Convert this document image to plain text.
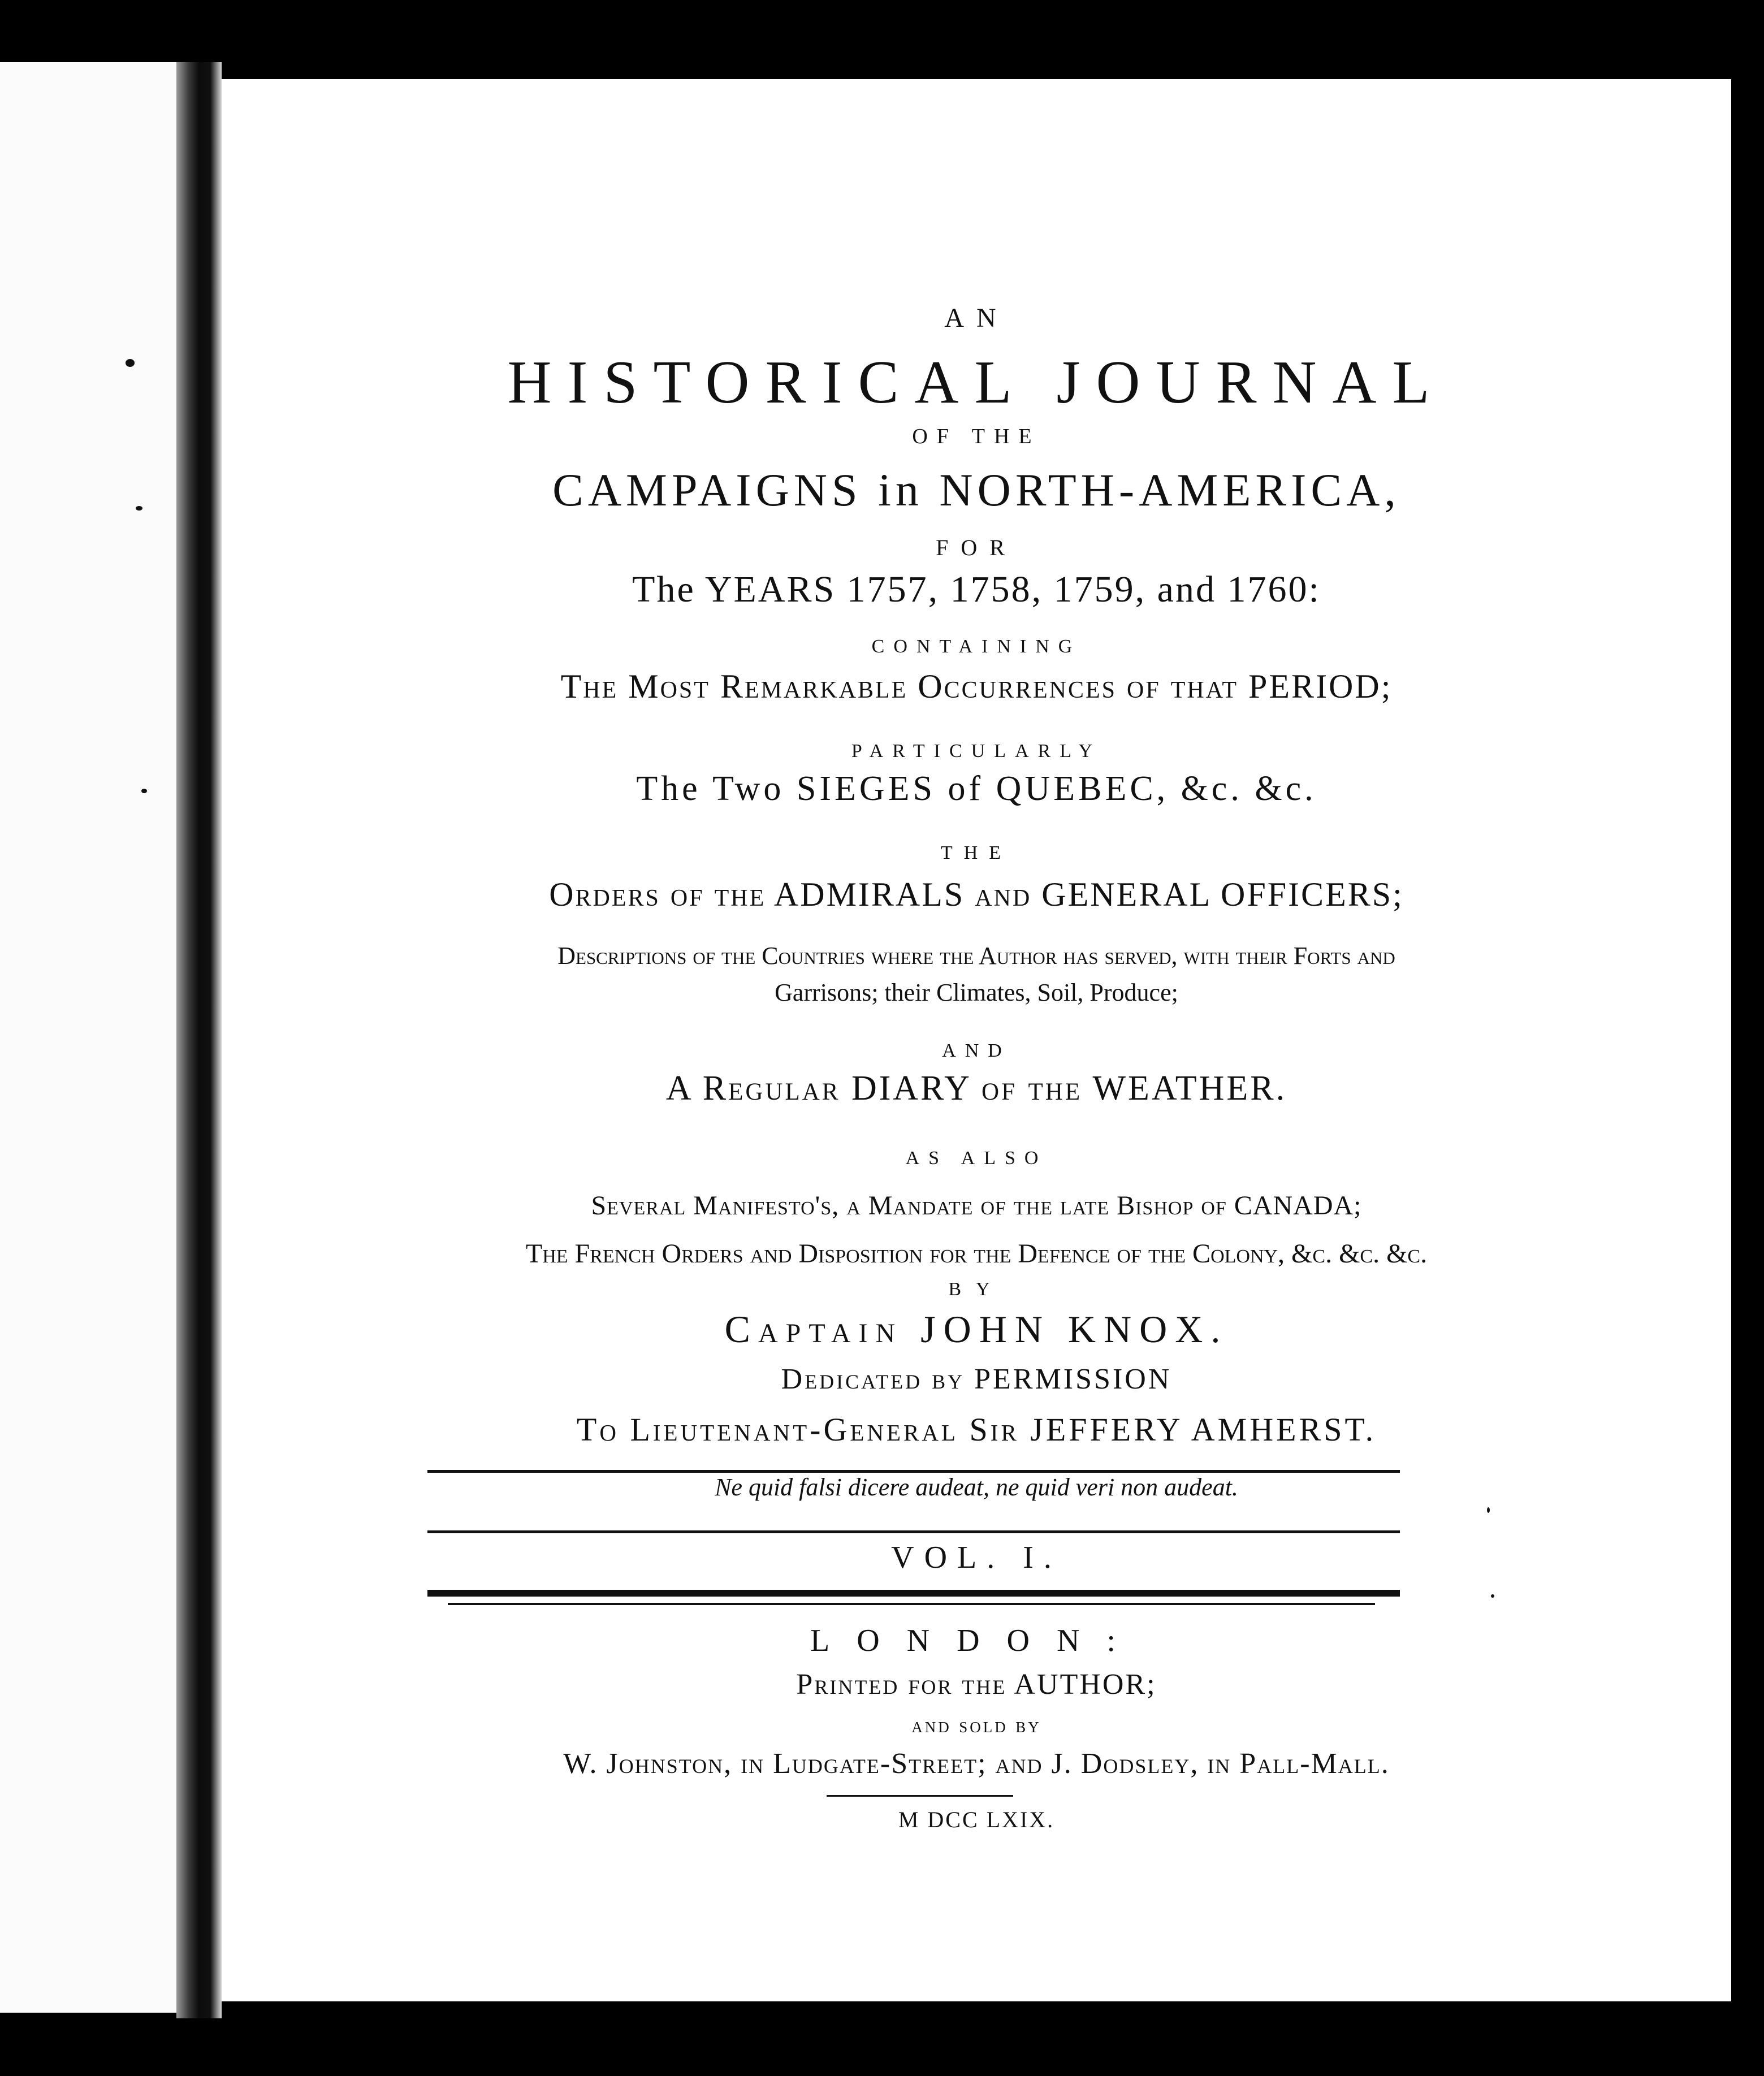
AN
HISTORICAL JOURNAL
OF THE
CAMPAIGNS in NORTH-AMERICA,
FOR
The YEARS 1757, 1758, 1759, and 1760:
CONTAINING
The Most Remarkable Occurrences of that PERIOD;
PARTICULARLY
The Two SIEGES of QUEBEC, &c. &c.
THE
Orders of the ADMIRALS and GENERAL OFFICERS;
Descriptions of the Countries where the Author has served, with their Forts and
Garrisons; their Climates, Soil, Produce;
AND
A Regular DIARY of the WEATHER.
AS ALSO
Several Manifesto's, a Mandate of the late Bishop of CANADA;
The French Orders and Disposition for the Defence of the Colony, &c. &c. &c.
BY
Captain JOHN KNOX.
Dedicated by PERMISSION
To Lieutenant-General Sir JEFFERY AMHERST.
Ne quid falsi dicere audeat, ne quid veri non audeat.
VOL. I.
LONDON:
Printed for the AUTHOR;
and sold by
W. Johnston, in Ludgate-Street; and J. Dodsley, in Pall-Mall.
M DCC LXIX.
